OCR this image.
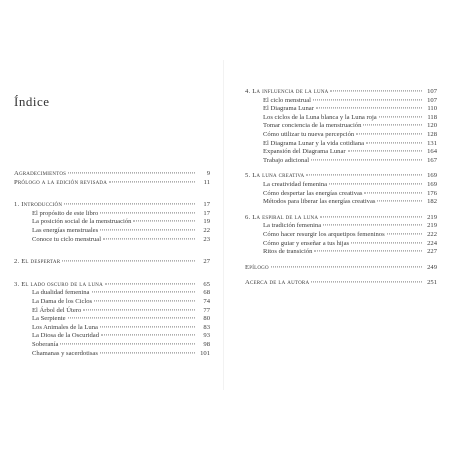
Índice
Agradecimientos	9
Prólogo a la edición revisada	11
1. Introducción	17
El propósito de este libro	17
La posición social de la menstruación	19
Las energías menstruales	22
Conoce tu ciclo menstrual	23
2. El despertar	27
3. El lado oscuro de la luna	65
La dualidad femenina	68
La Dama de los Ciclos	74
El Árbol del Útero	77
La Serpiente	80
Los Animales de la Luna	83
La Diosa de la Oscuridad	93
Soberanía	98
Chamanas y sacerdotisas	101
4. La influencia de la luna	107
El ciclo menstrual	107
El Diagrama Lunar	110
Los ciclos de la Luna blanca y la Luna roja	118
Tomar conciencia de la menstruación	120
Cómo utilizar tu nueva percepción	128
El Diagrama Lunar y la vida cotidiana	131
Expansión del Diagrama Lunar	164
Trabajo adicional	167
5. La luna creativa	169
La creatividad femenina	169
Cómo despertar las energías creativas	176
Métodos para liberar las energías creativas	182
6. La espiral de la luna	219
La tradición femenina	219
Cómo hacer resurgir los arquetipos femeninos	222
Cómo guiar y enseñar a tus hijas	224
Ritos de transición	227
Epílogo	249
Acerca de la autora	251
